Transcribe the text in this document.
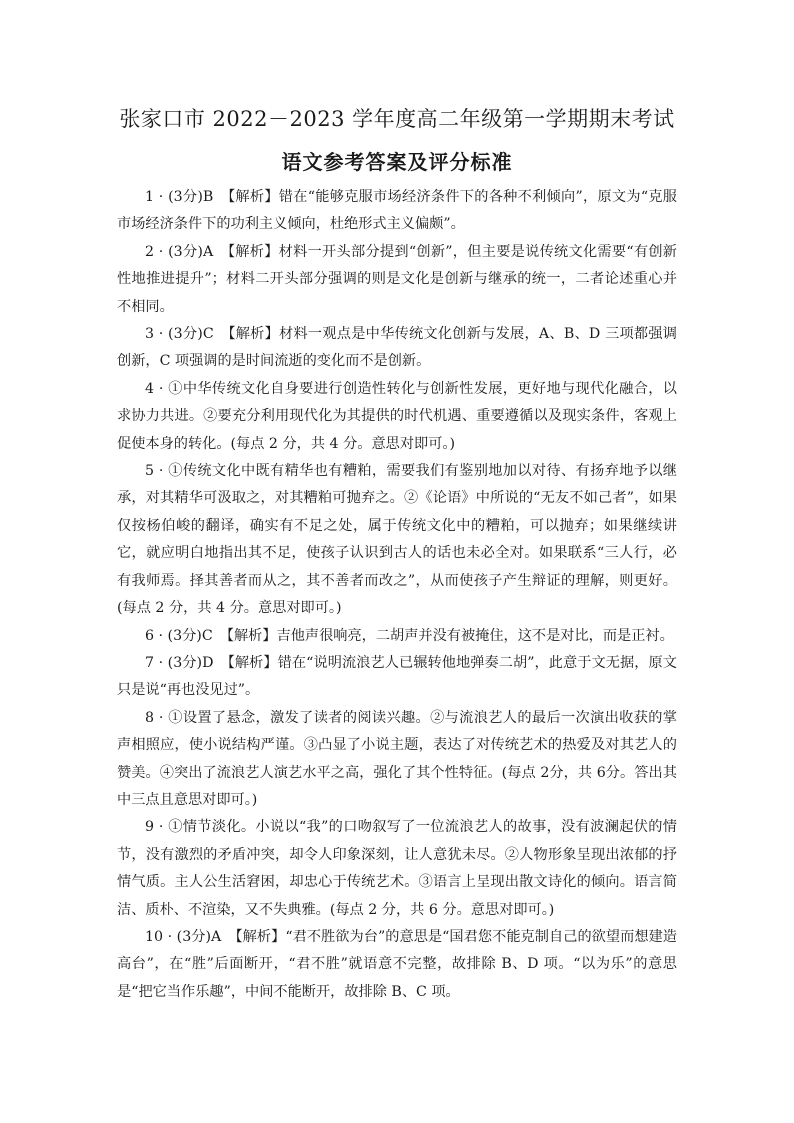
张家口市 2022－2023 学年度高二年级第一学期期末考试
语文参考答案及评分标准

1 · (3分)B　【解析】错在“能够克服市场经济条件下的各种不利倾向”，原文为“克服市场经济条件下的功利主义倾向，杜绝形式主义偏颇”。

2 · (3分)A　【解析】材料一开头部分提到“创新”，但主要是说传统文化需要“有创新性地推进提升”；材料二开头部分强调的则是文化是创新与继承的统一，二者论述重心并不相同。

3 · (3分)C　【解析】材料一观点是中华传统文化创新与发展，A、B、D 三项都强调创新，C 项强调的是时间流逝的变化而不是创新。

4 · ①中华传统文化自身要进行创造性转化与创新性发展，更好地与现代化融合，以求协力共进。②要充分利用现代化为其提供的时代机遇、重要遵循以及现实条件，客观上促使本身的转化。(每点 2 分，共 4 分。意思对即可。)

5 · ①传统文化中既有精华也有糟粕，需要我们有鉴别地加以对待、有扬弃地予以继承，对其精华可汲取之，对其糟粕可抛弃之。②《论语》中所说的“无友不如己者”，如果仅按杨伯峻的翻译，确实有不足之处，属于传统文化中的糟粕，可以抛弃；如果继续讲它，就应明白地指出其不足，使孩子认识到古人的话也未必全对。如果联系“三人行，必有我师焉。择其善者而从之，其不善者而改之”，从而使孩子产生辩证的理解，则更好。(每点 2 分，共 4 分。意思对即可。)

6 · (3分)C　【解析】吉他声很响亮，二胡声并没有被掩住，这不是对比，而是正衬。

7 · (3分)D　【解析】错在“说明流浪艺人已辗转他地弹奏二胡”，此意于文无据，原文只是说“再也没见过”。

8 · ①设置了悬念，激发了读者的阅读兴趣。②与流浪艺人的最后一次演出收获的掌声相照应，使小说结构严谨。③凸显了小说主题，表达了对传统艺术的热爱及对其艺人的赞美。④突出了流浪艺人演艺水平之高，强化了其个性特征。(每点 2分，共 6分。答出其中三点且意思对即可。)

9 · ①情节淡化。小说以“我”的口吻叙写了一位流浪艺人的故事，没有波澜起伏的情节，没有激烈的矛盾冲突，却令人印象深刻，让人意犹未尽。②人物形象呈现出浓郁的抒情气质。主人公生活窘困，却忠心于传统艺术。③语言上呈现出散文诗化的倾向。语言简洁、质朴、不渲染，又不失典雅。(每点 2 分，共 6 分。意思对即可。)

10 · (3分)A　【解析】“君不胜欲为台”的意思是“国君您不能克制自己的欲望而想建造高台”，在“胜”后面断开，“君不胜”就语意不完整，故排除 B、D 项。“以为乐”的意思是“把它当作乐趣”，中间不能断开，故排除 B、C 项。
